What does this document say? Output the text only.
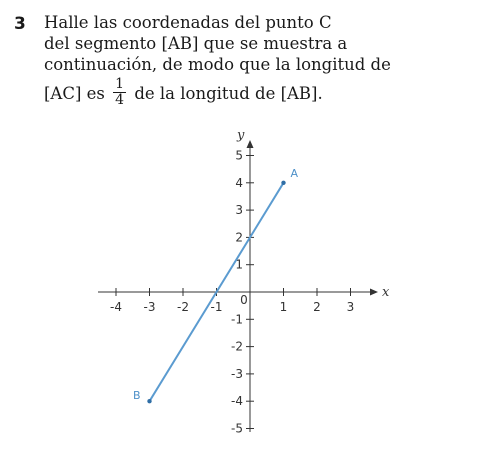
3 Halle las coordenadas del punto C
del segmento [AB] que se muestra a
continuación, de modo que la longitud de
[AC] es $\frac{1}{4}$ de la longitud de [AB].
x
y
-4 -3 -2 -1	1 2 3
5
4
3
2
1
-1
-2
-3
-4
-5
0
A
B
